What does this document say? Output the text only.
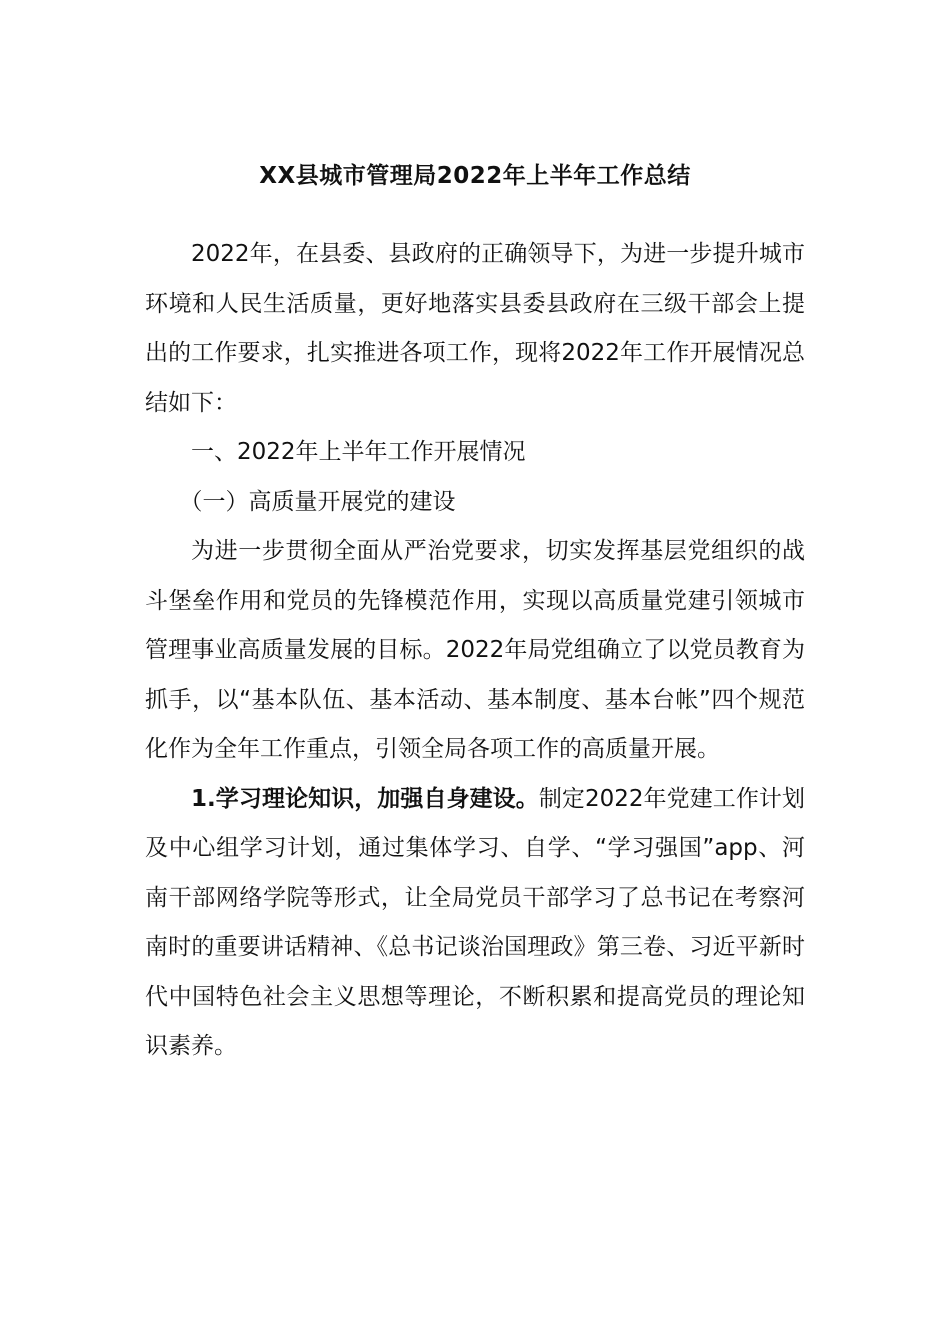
XX县城市管理局2022年上半年工作总结

2022年，在县委、县政府的正确领导下，为进一步提升城市环境和人民生活质量，更好地落实县委县政府在三级干部会上提出的工作要求，扎实推进各项工作，现将2022年工作开展情况总结如下：

一、2022年上半年工作开展情况

（一）高质量开展党的建设

为进一步贯彻全面从严治党要求，切实发挥基层党组织的战斗堡垒作用和党员的先锋模范作用，实现以高质量党建引领城市管理事业高质量发展的目标。2022年局党组确立了以党员教育为抓手，以“基本队伍、基本活动、基本制度、基本台帐”四个规范化作为全年工作重点，引领全局各项工作的高质量开展。

1.学习理论知识，加强自身建设。制定2022年党建工作计划及中心组学习计划，通过集体学习、自学、“学习强国”app、河南干部网络学院等形式，让全局党员干部学习了总书记在考察河南时的重要讲话精神、《总书记谈治国理政》第三卷、习近平新时代中国特色社会主义思想等理论，不断积累和提高党员的理论知识素养。
